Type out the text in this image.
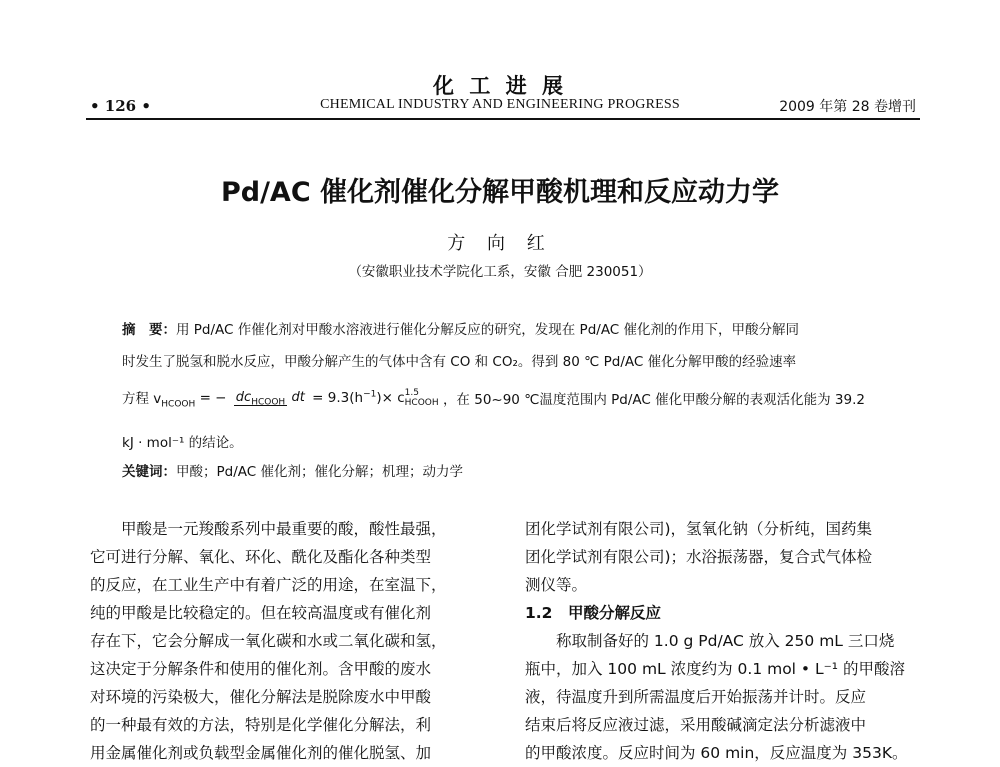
化 工 进 展
• 126 •	CHEMICAL INDUSTRY AND ENGINEERING PROGRESS	2009 年第 28 卷增刊
Pd/AC 催化剂催化分解甲酸机理和反应动力学
方 向 红
（安徽职业技术学院化工系，安徽 合肥 230051）
摘　要：用 Pd/AC 作催化剂对甲酸水溶液进行催化分解反应的研究，发现在 Pd/AC 催化剂的作用下，甲酸分解同
时发生了脱氢和脱水反应，甲酸分解产生的气体中含有 CO 和 CO₂。得到 80 ℃ Pd/AC 催化分解甲酸的经验速率
方程 $v_{HCOOH}$ = − $dc_{HCOOH}$ dt = $9.3(h^{-1})\times c$ 1.5
HCOOH ，在 50~90 ℃温度范围内 Pd/AC 催化甲酸分解的表观活化能为 39.2
kJ · mol⁻¹ 的结论。
关键词：甲酸；Pd/AC 催化剂；催化分解；机理；动力学
　　甲酸是一元羧酸系列中最重要的酸，酸性最强，
它可进行分解、氧化、环化、酰化及酯化各种类型
的反应，在工业生产中有着广泛的用途，在室温下，
纯的甲酸是比较稳定的。但在较高温度或有催化剂
存在下，它会分解成一氧化碳和水或二氧化碳和氢，
这决定于分解条件和使用的催化剂。含甲酸的废水
对环境的污染极大，催化分解法是脱除废水中甲酸
的一种最有效的方法，特别是化学催化分解法，利
用金属催化剂或负载型金属催化剂的催化脱氢、加
团化学试剂有限公司)，氢氧化钠（分析纯，国药集
团化学试剂有限公司)；水浴振荡器，复合式气体检
测仪等。
1.2　甲酸分解反应
　　称取制备好的 1.0 g Pd/AC 放入 250 mL 三口烧
瓶中，加入 100 mL 浓度约为 0.1 mol • L⁻¹ 的甲酸溶
液，待温度升到所需温度后开始振荡并计时。反应
结束后将反应液过滤，采用酸碱滴定法分析滤液中
的甲酸浓度。反应时间为 60 min，反应温度为 353K。
